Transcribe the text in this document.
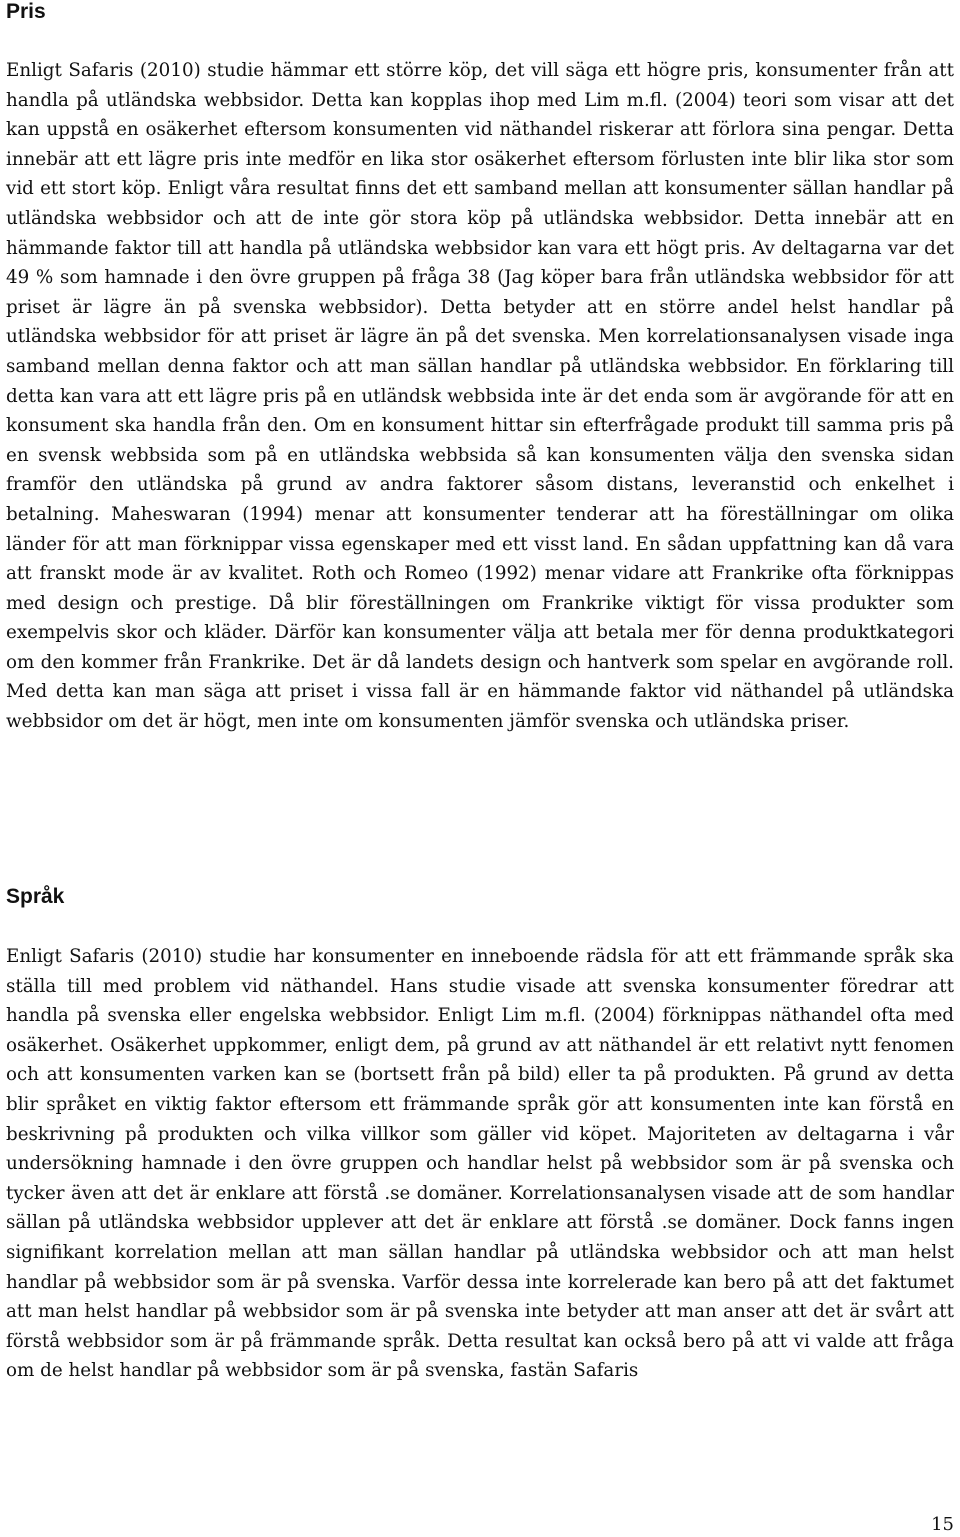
Pris

Enligt Safaris (2010) studie hämmar ett större köp, det vill säga ett högre pris, konsumenter från att handla på utländska webbsidor. Detta kan kopplas ihop med Lim m.fl. (2004) teori som visar att det kan uppstå en osäkerhet eftersom konsumenten vid näthandel riskerar att förlora sina pengar. Detta innebär att ett lägre pris inte medför en lika stor osäkerhet eftersom förlusten inte blir lika stor som vid ett stort köp. Enligt våra resultat finns det ett samband mellan att konsumenter sällan handlar på utländska webbsidor och att de inte gör stora köp på utländska webbsidor. Detta innebär att en hämmande faktor till att handla på utländska webbsidor kan vara ett högt pris. Av deltagarna var det 49 % som hamnade i den övre gruppen på fråga 38 (Jag köper bara från utländska webbsidor för att priset är lägre än på svenska webbsidor). Detta betyder att en större andel helst handlar på utländska webbsidor för att priset är lägre än på det svenska. Men korrelationsanalysen visade inga samband mellan denna faktor och att man sällan handlar på utländska webbsidor. En förklaring till detta kan vara att ett lägre pris på en utländsk webbsida inte är det enda som är avgörande för att en konsument ska handla från den. Om en konsument hittar sin efterfrågade produkt till samma pris på en svensk webbsida som på en utländska webbsida så kan konsumenten välja den svenska sidan framför den utländska på grund av andra faktorer såsom distans, leveranstid och enkelhet i betalning. Maheswaran (1994) menar att konsumenter tenderar att ha föreställningar om olika länder för att man förknippar vissa egenskaper med ett visst land. En sådan uppfattning kan då vara att franskt mode är av kvalitet. Roth och Romeo (1992) menar vidare att Frankrike ofta förknippas med design och prestige. Då blir föreställningen om Frankrike viktigt för vissa produkter som exempelvis skor och kläder. Därför kan konsumenter välja att betala mer för denna produktkategori om den kommer från Frankrike. Det är då landets design och hantverk som spelar en avgörande roll. Med detta kan man säga att priset i vissa fall är en hämmande faktor vid näthandel på utländska webbsidor om det är högt, men inte om konsumenten jämför svenska och utländska priser.

Språk

Enligt Safaris (2010) studie har konsumenter en inneboende rädsla för att ett främmande språk ska ställa till med problem vid näthandel. Hans studie visade att svenska konsumenter föredrar att handla på svenska eller engelska webbsidor. Enligt Lim m.fl. (2004) förknippas näthandel ofta med osäkerhet. Osäkerhet uppkommer, enligt dem, på grund av att näthandel är ett relativt nytt fenomen och att konsumenten varken kan se (bortsett från på bild) eller ta på produkten. På grund av detta blir språket en viktig faktor eftersom ett främmande språk gör att konsumenten inte kan förstå en beskrivning på produkten och vilka villkor som gäller vid köpet. Majoriteten av deltagarna i vår undersökning hamnade i den övre gruppen och handlar helst på webbsidor som är på svenska och tycker även att det är enklare att förstå .se domäner. Korrelationsanalysen visade att de som handlar sällan på utländska webbsidor upplever att det är enklare att förstå .se domäner. Dock fanns ingen signifikant korrelation mellan att man sällan handlar på utländska webbsidor och att man helst handlar på webbsidor som är på svenska. Varför dessa inte korrelerade kan bero på att det faktumet att man helst handlar på webbsidor som är på svenska inte betyder att man anser att det är svårt att förstå webbsidor som är på främmande språk. Detta resultat kan också bero på att vi valde att fråga om de helst handlar på webbsidor som är på svenska, fastän Safaris

15
